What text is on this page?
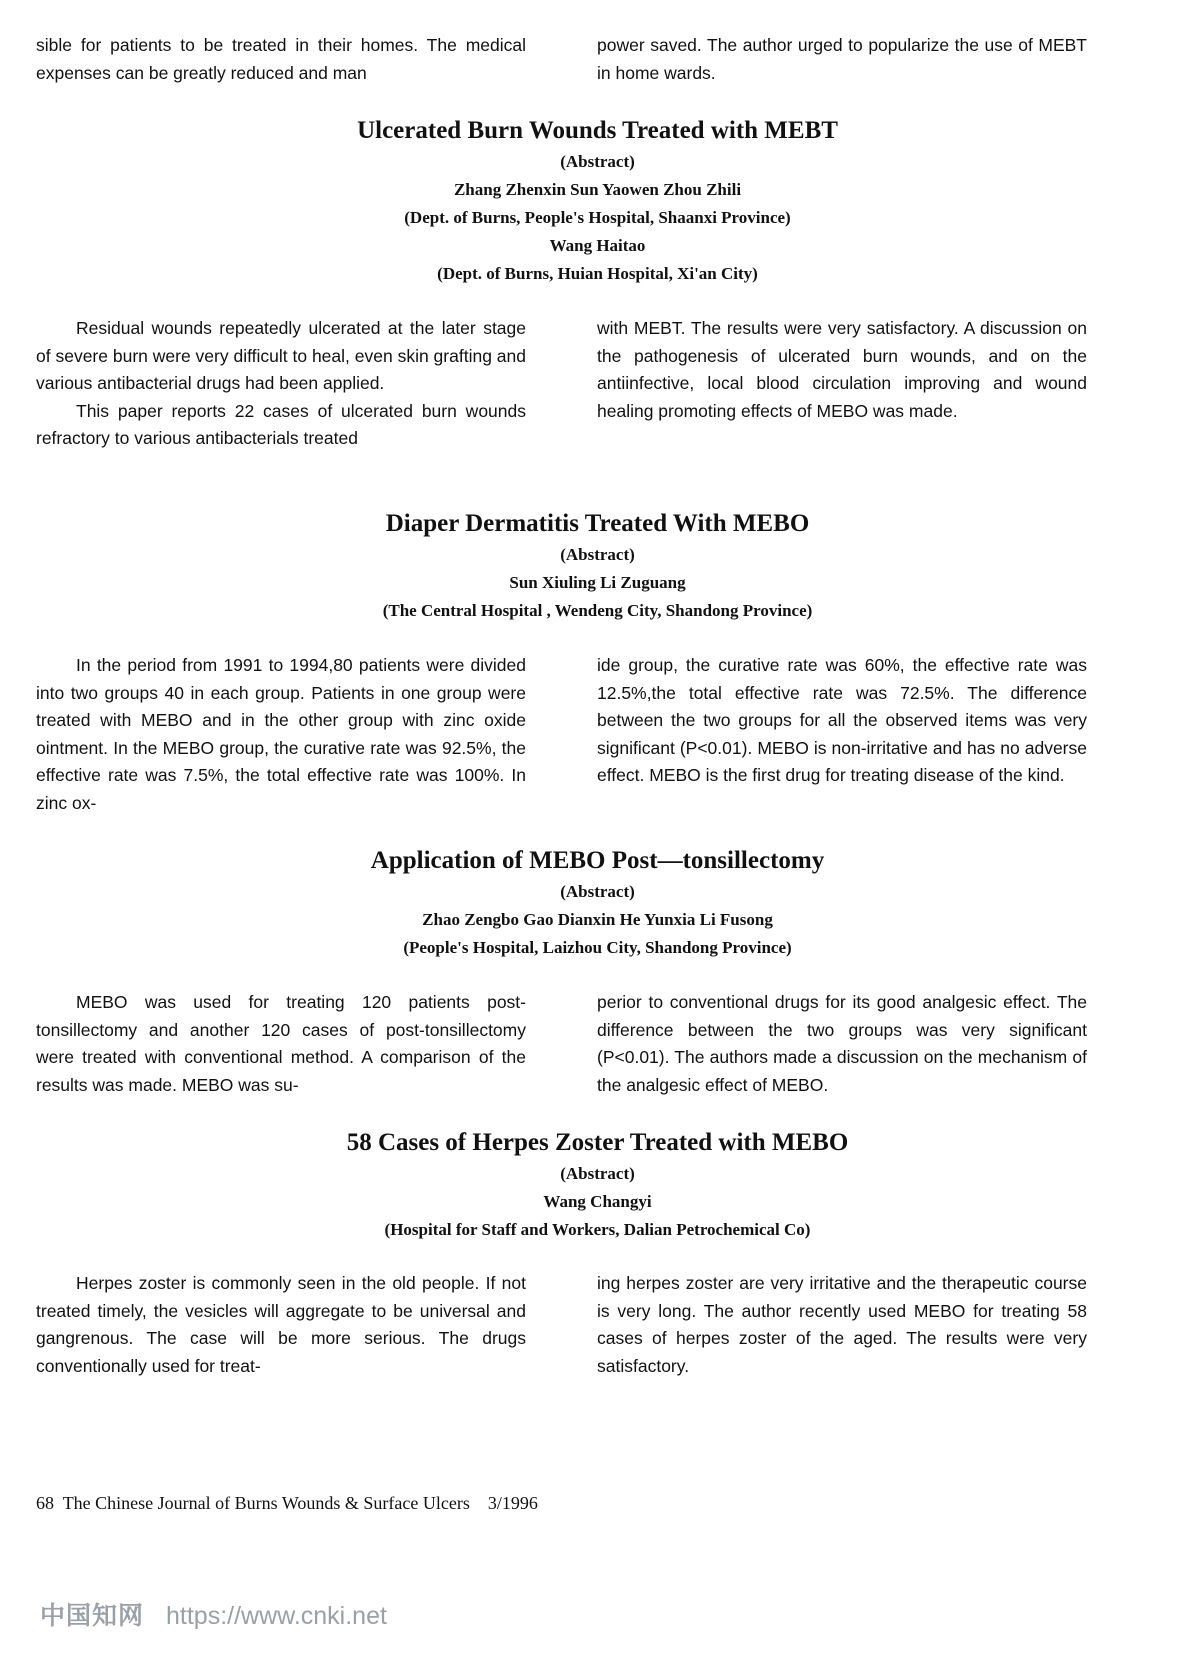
sible for patients to be treated in their homes. The medical expenses can be greatly reduced and man

power saved. The author urged to popularize the use of MEBT in home wards.

Ulcerated Burn Wounds Treated with MEBT
(Abstract)
Zhang Zhenxin Sun Yaowen Zhou Zhili
(Dept. of Burns, People's Hospital, Shaanxi Province)
Wang Haitao
(Dept. of Burns, Huian Hospital, Xi'an City)

Residual wounds repeatedly ulcerated at the later stage of severe burn were very difficult to heal, even skin grafting and various antibacterial drugs had been applied.

This paper reports 22 cases of ulcerated burn wounds refractory to various antibacterials treated

with MEBT. The results were very satisfactory. A discussion on the pathogenesis of ulcerated burn wounds, and on the antiinfective, local blood circulation improving and wound healing promoting effects of MEBO was made.

Diaper Dermatitis Treated With MEBO
(Abstract)
Sun Xiuling Li Zuguang
(The Central Hospital , Wendeng City, Shandong Province)

In the period from 1991 to 1994,80 patients were divided into two groups 40 in each group. Patients in one group were treated with MEBO and in the other group with zinc oxide ointment. In the MEBO group, the curative rate was 92.5%, the effective rate was 7.5%, the total effective rate was 100%. In zinc ox-

ide group, the curative rate was 60%, the effective rate was 12.5%,the total effective rate was 72.5%. The difference between the two groups for all the observed items was very significant (P<0.01). MEBO is non-irritative and has no adverse effect. MEBO is the first drug for treating disease of the kind.

Application of MEBO Post—tonsillectomy
(Abstract)
Zhao Zengbo Gao Dianxin He Yunxia Li Fusong
(People's Hospital, Laizhou City, Shandong Province)

MEBO was used for treating 120 patients post-tonsillectomy and another 120 cases of post-tonsillectomy were treated with conventional method. A comparison of the results was made. MEBO was su-

perior to conventional drugs for its good analgesic effect. The difference between the two groups was very significant (P<0.01). The authors made a discussion on the mechanism of the analgesic effect of MEBO.

58 Cases of Herpes Zoster Treated with MEBO
(Abstract)
Wang Changyi
(Hospital for Staff and Workers, Dalian Petrochemical Co)

Herpes zoster is commonly seen in the old people. If not treated timely, the vesicles will aggregate to be universal and gangrenous. The case will be more serious. The drugs conventionally used for treat-

ing herpes zoster are very irritative and the therapeutic course is very long. The author recently used MEBO for treating 58 cases of herpes zoster of the aged. The results were very satisfactory.

68 The Chinese Journal of Burns Wounds & Surface Ulcers 3/1996
中国知网 https://www.cnki.net
